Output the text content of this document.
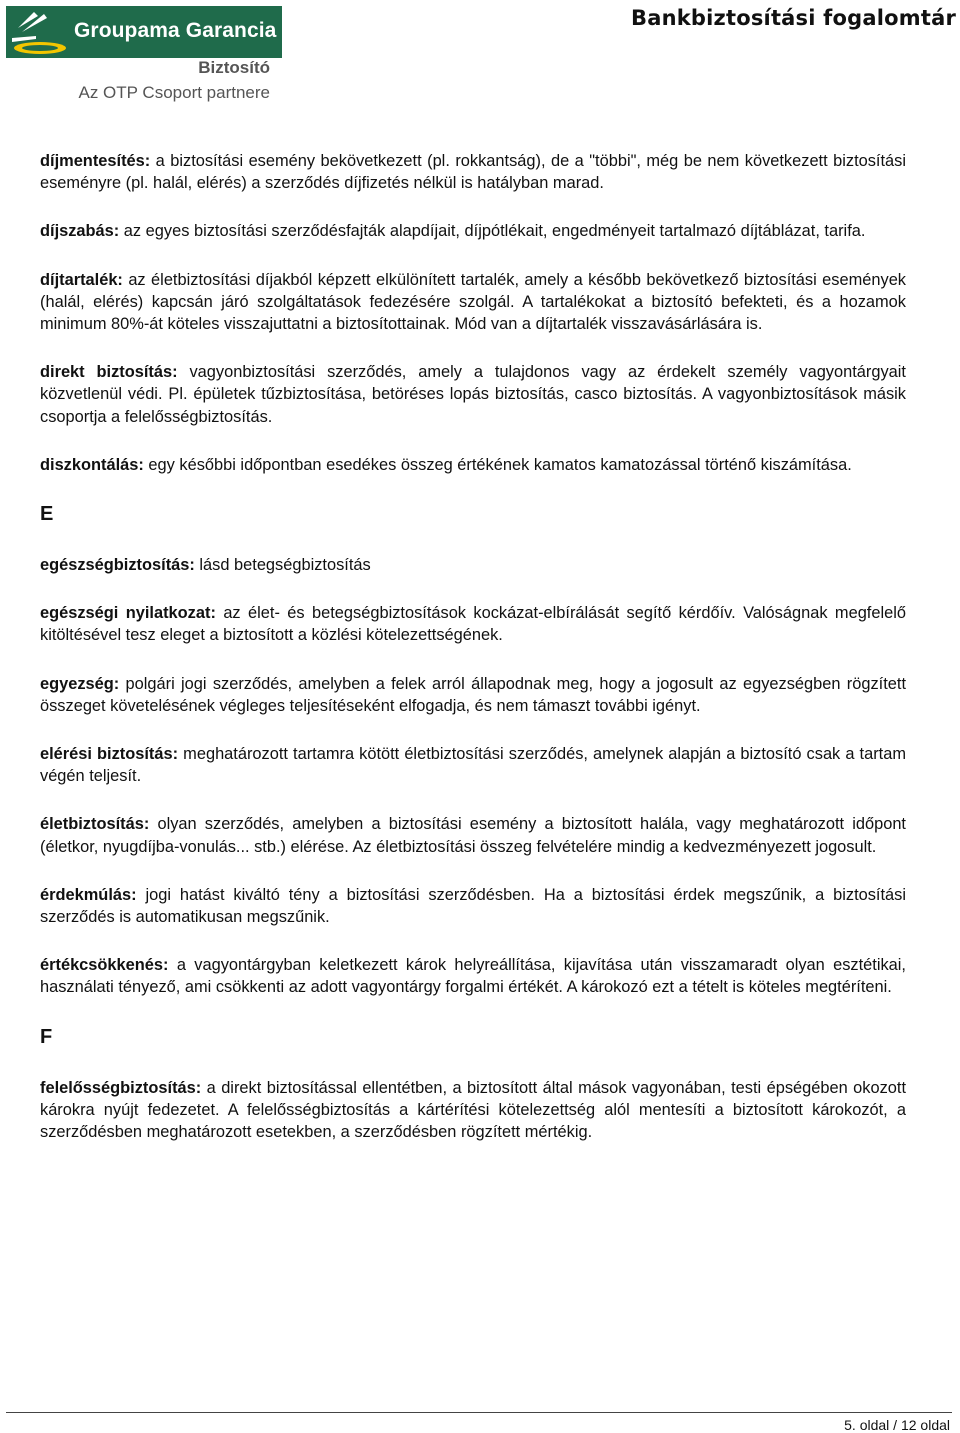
Groupama Garancia
Biztosító
Az OTP Csoport partnere
Bankbiztosítási fogalomtár

díjmentesítés: a biztosítási esemény bekövetkezett (pl. rokkantság), de a "többi", még be nem következett biztosítási eseményre (pl. halál, elérés) a szerződés díjfizetés nélkül is hatályban marad.

díjszabás: az egyes biztosítási szerződésfajták alapdíjait, díjpótlékait, engedményeit tartalmazó díjtáblázat, tarifa.

díjtartalék: az életbiztosítási díjakból képzett elkülönített tartalék, amely a később bekövetkező biztosítási események (halál, elérés) kapcsán járó szolgáltatások fedezésére szolgál. A tartalékokat a biztosító befekteti, és a hozamok minimum 80%-át köteles visszajuttatni a biztosítottainak. Mód van a díjtartalék visszavásárlására is.

direkt biztosítás: vagyonbiztosítási szerződés, amely a tulajdonos vagy az érdekelt személy vagyontárgyait közvetlenül védi. Pl. épületek tűzbiztosítása, betöréses lopás biztosítás, casco biztosítás. A vagyonbiztosítások másik csoportja a felelősségbiztosítás.

diszkontálás: egy későbbi időpontban esedékes összeg értékének kamatos kamatozással történő kiszámítása.

E

egészségbiztosítás: lásd betegségbiztosítás

egészségi nyilatkozat: az élet- és betegségbiztosítások kockázat-elbírálását segítő kérdőív. Valóságnak megfelelő kitöltésével tesz eleget a biztosított a közlési kötelezettségének.

egyezség: polgári jogi szerződés, amelyben a felek arról állapodnak meg, hogy a jogosult az egyezségben rögzített összeget követelésének végleges teljesítéseként elfogadja, és nem támaszt további igényt.

elérési biztosítás: meghatározott tartamra kötött életbiztosítási szerződés, amelynek alapján a biztosító csak a tartam végén teljesít.

életbiztosítás: olyan szerződés, amelyben a biztosítási esemény a biztosított halála, vagy meghatározott időpont (életkor, nyugdíjba-vonulás... stb.) elérése. Az életbiztosítási összeg felvételére mindig a kedvezményezett jogosult.

érdekmúlás: jogi hatást kiváltó tény a biztosítási szerződésben. Ha a biztosítási érdek megszűnik, a biztosítási szerződés is automatikusan megszűnik.

értékcsökkenés: a vagyontárgyban keletkezett károk helyreállítása, kijavítása után visszamaradt olyan esztétikai, használati tényező, ami csökkenti az adott vagyontárgy forgalmi értékét. A károkozó ezt a tételt is köteles megtéríteni.

F

felelősségbiztosítás: a direkt biztosítással ellentétben, a biztosított által mások vagyonában, testi épségében okozott károkra nyújt fedezetet. A felelősségbiztosítás a kártérítési kötelezettség alól mentesíti a biztosított károkozót, a szerződésben meghatározott esetekben, a szerződésben rögzített mértékig.

5. oldal / 12 oldal
